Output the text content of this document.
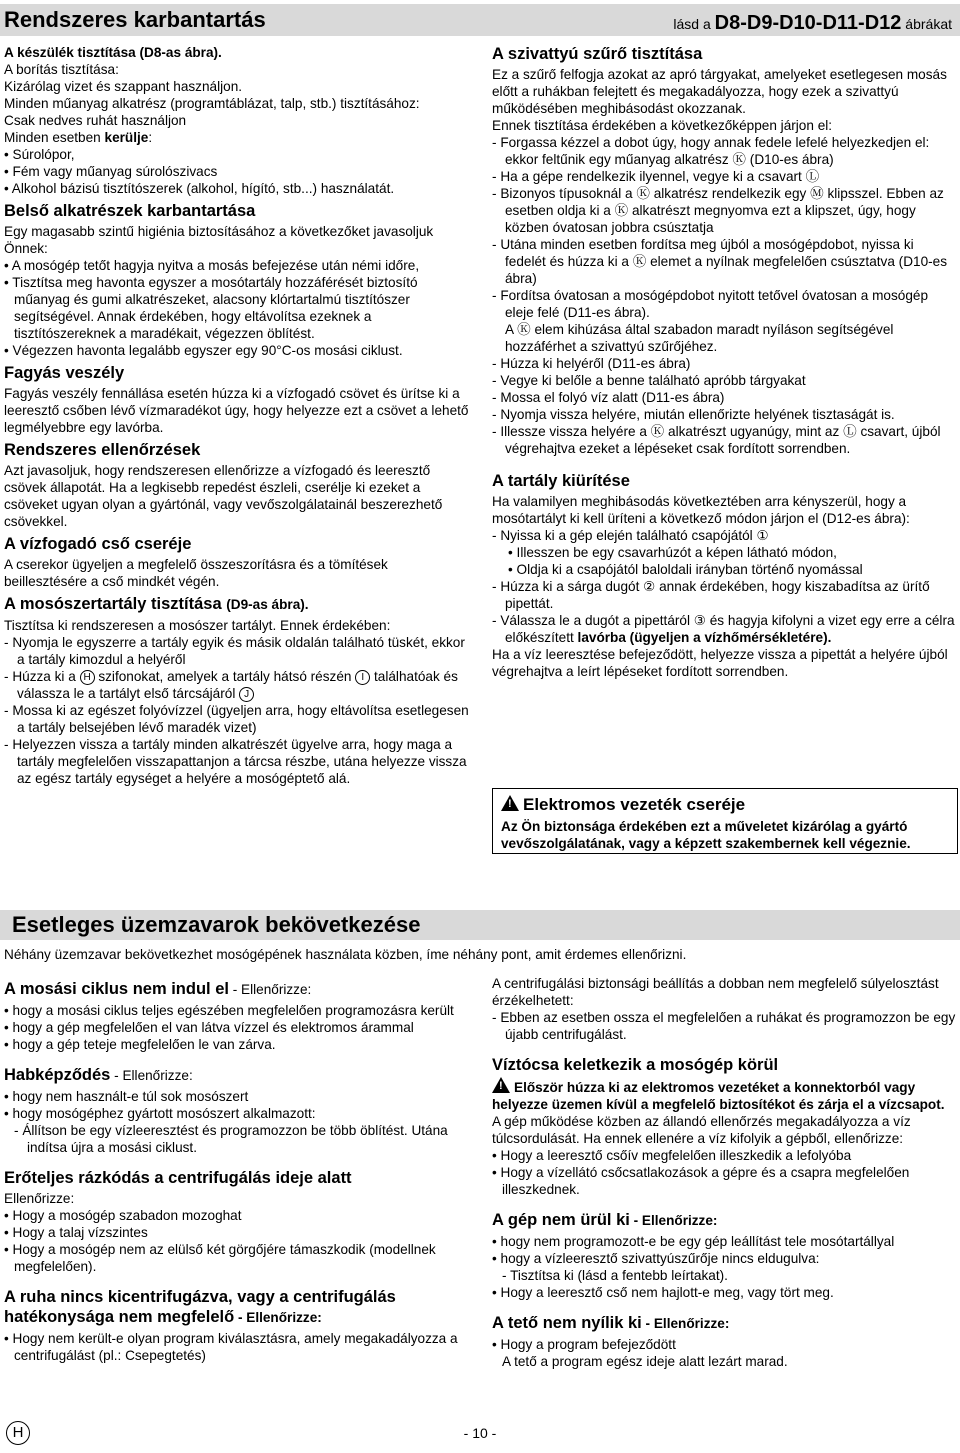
Rendszeres karbantartás	lásd a D8-D9-D10-D11-D12 ábrákat
A készülék tisztítása (D8-as ábra).

A borítás tisztítása:

Kizárólag vizet és szappant használjon.

Minden műanyag alkatrész (programtáblázat, talp, stb.) tisztításához:

Csak nedves ruhát használjon

Minden esetben kerülje:

• Súrolópor,

• Fém vagy műanyag súrolószivacs

• Alkohol bázisú tisztítószerek (alkohol, hígító, stb...) használatát.

Belső alkatrészek karbantartása

Egy magasabb szintű higiénia biztosításához a következőket javasoljuk Önnek:

• A mosógép tetőt hagyja nyitva a mosás befejezése után némi időre,

• Tisztítsa meg havonta egyszer a mosótartály hozzáférését biztosító műanyag és gumi alkatrészeket, alacsony klórtartalmú tisztítószer segítségével. Annak érdekében, hogy eltávolítsa ezeknek a tisztítószereknek a maradékait, végezzen öblítést.

• Végezzen havonta legalább egyszer egy 90°C-os mosási ciklust.

Fagyás veszély

Fagyás veszély fennállása esetén húzza ki a vízfogadó csövet és ürítse ki a leeresztő csőben lévő vízmaradékot úgy, hogy helyezze ezt a csövet a lehető legmélyebbre egy lavórba.

Rendszeres ellenőrzések

Azt javasoljuk, hogy rendszeresen ellenőrizze a vízfogadó és leeresztő csövek állapotát. Ha a legkisebb repedést észleli, cserélje ki ezeket a csöveket ugyan olyan a gyártónál, vagy vevőszolgálatainál beszerezhető csövekkel.

A vízfogadó cső cseréje

A cserekor ügyeljen a megfelelő összeszorításra és a tömítések beillesztésére a cső mindkét végén.

A mosószertartály tisztítása (D9-as ábra).

Tisztítsa ki rendszeresen a mosószer tartályt. Ennek érdekében:

- Nyomja le egyszerre a tartály egyik és másik oldalán található tüskét, ekkor a tartály kimozdul a helyéről

- Húzza ki a H szifonokat, amelyek a tartály hátsó részén I találhatóak és válassza le a tartályt első tárcsájáról J

- Mossa ki az egészet folyóvízzel (ügyeljen arra, hogy eltávolítsa esetlegesen a tartály belsejében lévő maradék vizet)

- Helyezzen vissza a tartály minden alkatrészét ügyelve arra, hogy maga a tartály megfelelően visszapattanjon a tárcsa részbe, utána helyezze vissza az egész tartály egységet a helyére a mosógéptető alá.

A szivattyú szűrő tisztítása

Ez a szűrő felfogja azokat az apró tárgyakat, amelyeket esetlegesen mosás előtt a ruhákban felejtett és megakadályozza, hogy ezek a szivattyú működésében meghibásodást okozzanak.

Ennek tisztítása érdekében a következőképpen járjon el:

- Forgassa kézzel a dobot úgy, hogy annak fedele lefelé helyezkedjen el: ekkor feltűnik egy műanyag alkatrész Ⓚ (D10-es ábra)

- Ha a gépe rendelkezik ilyennel, vegye ki a csavart Ⓛ

- Bizonyos típusoknál a Ⓚ alkatrész rendelkezik egy Ⓜ klipsszel. Ebben az esetben oldja ki a Ⓚ alkatrészt megnyomva ezt a klipszet, úgy, hogy közben óvatosan jobbra csúsztatja

- Utána minden esetben fordítsa meg újból a mosógépdobot, nyissa ki fedelét és húzza ki a Ⓚ elemet a nyílnak megfelelően csúsztatva (D10-es ábra)

- Fordítsa óvatosan a mosógépdobot nyitott tetővel óvatosan a mosógép eleje felé (D11-es ábra).

A Ⓚ elem kihúzása által szabadon maradt nyíláson segítségével hozzáférhet a szivattyú szűrőjéhez.

- Húzza ki helyéről (D11-es ábra)

- Vegye ki belőle a benne található apróbb tárgyakat

- Mossa el folyó víz alatt (D11-es ábra)

- Nyomja vissza helyére, miután ellenőrizte helyének tisztaságát is.

- Illessze vissza helyére a Ⓚ alkatrészt ugyanúgy, mint az Ⓛ csavart, újból végrehajtva ezeket a lépéseket csak fordított sorrendben.

A tartály kiürítése

Ha valamilyen meghibásodás következtében arra kényszerül, hogy a mosótartályt ki kell üríteni a következő módon járjon el (D12-es ábra):

- Nyissa ki a gép elején található csapójától ①

• Illesszen be egy csavarhúzót a képen látható módon,

• Oldja ki a csapójától baloldali irányban történő nyomással

- Húzza ki a sárga dugót ② annak érdekében, hogy kiszabadítsa az ürítő pipettát.

- Válassza le a dugót a pipettáról ③ és hagyja kifolyni a vizet egy erre a célra előkészített lavórba (ügyeljen a vízhőmérsékletére).

Ha a víz leeresztése befejeződött, helyezze vissza a pipettát a helyére újból végrehajtva a leírt lépéseket fordított sorrendben.

!Elektromos vezeték cseréje
Az Ön biztonsága érdekében ezt a műveletet kizárólag a gyártó vevőszolgálatának, vagy a képzett szakembernek kell végeznie.
Esetleges üzemzavarok bekövetkezése
Néhány üzemzavar bekövetkezhet mosógépének használata közben, íme néhány pont, amit érdemes ellenőrizni.
A mosási ciklus nem indul el - Ellenőrizze:

• hogy a mosási ciklus teljes egészében megfelelően programozásra került

• hogy a gép megfelelően el van látva vízzel és elektromos árammal

• hogy a gép teteje megfelelően le van zárva.

Habképződés - Ellenőrizze:

• hogy nem használt-e túl sok mosószert

• hogy mosógéphez gyártott mosószert alkalmazott:

- Állítson be egy vízleeresztést és programozzon be több öblítést. Utána indítsa újra a mosási ciklust.

Erőteljes rázkódás a centrifugálás ideje alatt

Ellenőrizze:

• Hogy a mosógép szabadon mozoghat

• Hogy a talaj vízszintes

• Hogy a mosógép nem az elülső két görgőjére támaszkodik (modellnek megfelelően).

A ruha nincs kicentrifugázva, vagy a centrifugálás hatékonysága nem megfelelő - Ellenőrizze:

• Hogy nem került-e olyan program kiválasztásra, amely megakadályozza a centrifugálást (pl.: Csepegtetés)

A centrifugálási biztonsági beállítás a dobban nem megfelelő súlyelosztást érzékelhetett:

- Ebben az esetben ossza el megfelelően a ruhákat és programozzon be egy újabb centrifugálást.

Víztócsa keletkezik a mosógép körül

!Először húzza ki az elektromos vezetéket a konnektorból vagy helyezze üzemen kívül a megfelelő biztosítékot és zárja el a vízcsapot.

A gép működése közben az állandó ellenőrzés megakadályozza a víz túlcsordulását. Ha ennek ellenére a víz kifolyik a gépből, ellenőrizze:

• Hogy a leeresztő csőív megfelelően illeszkedik a lefolyóba

• Hogy a vízellátó csőcsatlakozások a gépre és a csapra megfelelően illeszkednek.

A gép nem ürül ki - Ellenőrizze:

• hogy nem programozott-e be egy gép leállítást tele mosótartállyal

• hogy a vízleeresztő szivattyúszűrője nincs eldugulva:

- Tisztítsa ki (lásd a fentebb leírtakat).

• Hogy a leeresztő cső nem hajlott-e meg, vagy tört meg.

A tető nem nyílik ki - Ellenőrizze:

• Hogy a program befejeződött

A tető a program egész ideje alatt lezárt marad.

H	- 10 -
